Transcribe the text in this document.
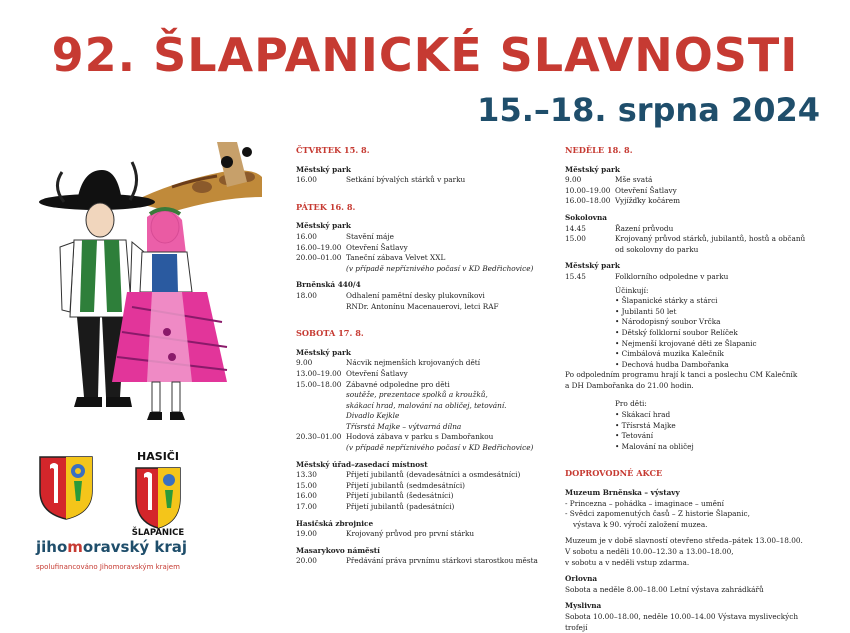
92. ŠLAPANICKÉ SLAVNOSTI
15.–18. srpna 2024
HASIČI
ŠLAPANICE
jihomoravský kraj
spolufinancováno Jihomoravským krajem
ČTVRTEK 15. 8.
Městský park
16.00	Setkání bývalých stárků v parku
PÁTEK 16. 8.
Městský park
16.00	Stavění máje
16.00–19.00 Otevření Šatlavy
20.00–01.00 Taneční zábava Velvet XXL
(v případě nepříznivého počasí v KD Bedřichovice)
Brněnská 440/4
18.00	Odhalení pamětní desky plukovníkovi
RNDr. Antonínu Macenauerovi, letci RAF
SOBOTA 17. 8.
Městský park
9.00	Nácvik nejmenších krojovaných dětí
13.00–19.00 Otevření Šatlavy
15.00–18.00 Zábavné odpoledne pro děti
soutěže, prezentace spolků a kroužků,
skákací hrad, malování na obličej, tetování.
Divadlo Kejkle
Třísrstá Majke – výtvarná dílna
20.30–01.00 Hodová zábava v parku s Dambořankou
(v případě nepříznivého počasí v KD Bedřichovice)
Městský úřad–zasedací místnost
13.30	Přijetí jubilantů (devadesátníci a osmdesátníci)
15.00	Přijetí jubilantů (sedmdesátníci)
16.00	Přijetí jubilantů (šedesátníci)
17.00	Přijetí jubilantů (padesátníci)
Hasičská zbrojnice
19.00	Krojovaný průvod pro první stárku
Masarykovo náměstí
20.00	Předávání práva prvnímu stárkovi starostkou města
NEDĚLE 18. 8.
Městský park
9.00	Mše svatá
10.00–19.00 Otevření Šatlavy
16.00–18.00 Vyjížďky kočárem
Sokolovna
14.45	Řazení průvodu
15.00	Krojovaný průvod stárků, jubilantů, hostů a občanů
od sokolovny do parku
Městský park
15.45	Folklorního odpoledne v parku
Účinkují:
• Šlapanické stárky a stárci
• Jubilanti 50 let
• Národopisný soubor Vrčka
• Dětský folklorní soubor Relíček
• Nejmenší krojované děti ze Šlapanic
• Cimbálová muzika Kalečník
• Dechová hudba Dambořanka
Po odpoledním programu hrají k tanci a poslechu CM Kalečník
a DH Dambořanka do 21.00 hodin.
Pro děti:
• Skákací hrad
• Třísrstá Majke
• Tetování
• Malování na obličej
DOPROVODNÉ AKCE
Muzeum Brněnska – výstavy
- Princezna – pohádka – imaginace – umění
- Svědci zapomenutých časů – Z historie Šlapanic,
výstava k 90. výročí založení muzea.
Muzeum je v době slavností otevřeno středa–pátek 13.00–18.00.
V sobotu a neděli 10.00–12.30 a 13.00–18.00,
v sobotu a v neděli vstup zdarma.
Orlovna
Sobota a neděle 8.00–18.00 Letní výstava zahrádkářů
Myslivna
Sobota 10.00–18.00, neděle 10.00–14.00 Výstava mysliveckých trofejí
